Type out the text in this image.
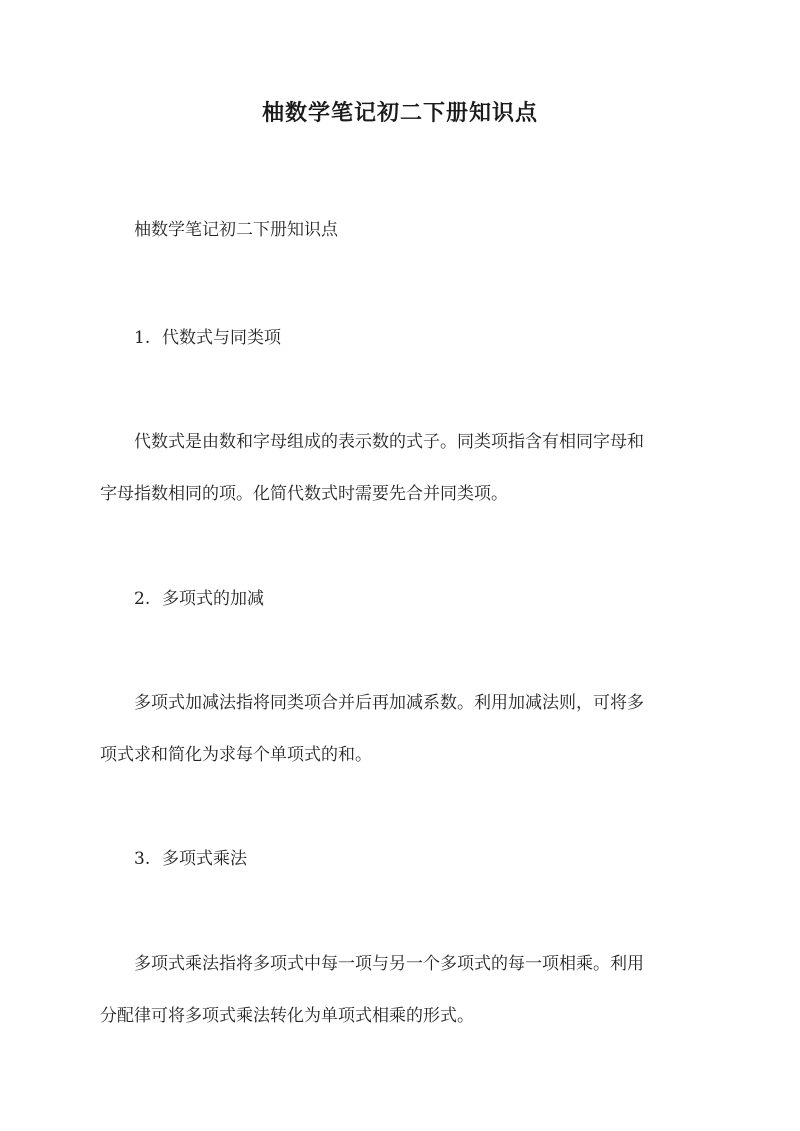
柚数学笔记初二下册知识点
柚数学笔记初二下册知识点
1. 代数式与同类项
代数式是由数和字母组成的表示数的式子。同类项指含有相同字母和
字母指数相同的项。化简代数式时需要先合并同类项。
2. 多项式的加减
多项式加减法指将同类项合并后再加减系数。利用加减法则，可将多
项式求和简化为求每个单项式的和。
3. 多项式乘法
多项式乘法指将多项式中每一项与另一个多项式的每一项相乘。利用
分配律可将多项式乘法转化为单项式相乘的形式。
